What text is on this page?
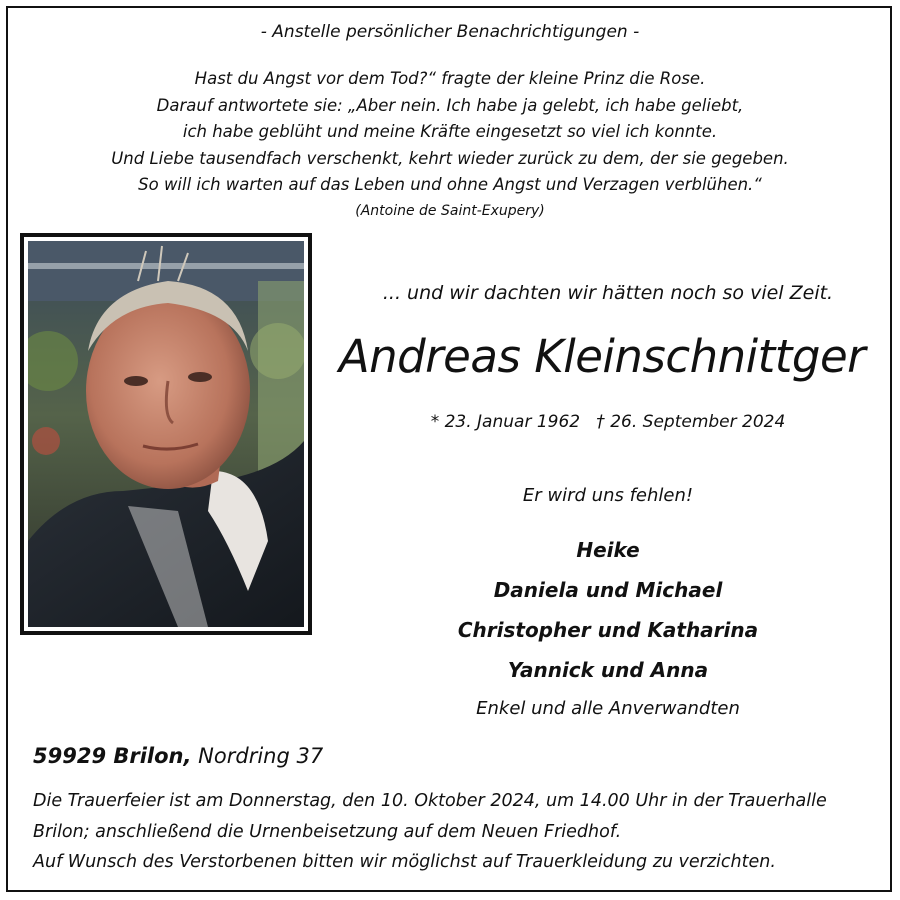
- Anstelle persönlicher Benachrichtigungen -
Hast du Angst vor dem Tod?“ fragte der kleine Prinz die Rose.
Darauf antwortete sie: „Aber nein. Ich habe ja gelebt, ich habe geliebt,
ich habe geblüht und meine Kräfte eingesetzt so viel ich konnte.
Und Liebe tausendfach verschenkt, kehrt wieder zurück zu dem, der sie gegeben.
So will ich warten auf das Leben und ohne Angst und Verzagen verblühen.“
(Antoine de Saint-Exupery)
... und wir dachten wir hätten noch so viel Zeit.
Andreas Kleinschnittger
* 23. Januar 1962   † 26. September 2024
Er wird uns fehlen!
Heike
Daniela und Michael
Christopher und Katharina
Yannick und Anna
Enkel und alle Anverwandten
59929 Brilon, Nordring 37
Die Trauerfeier ist am Donnerstag, den 10. Oktober 2024, um 14.00 Uhr in der Trauerhalle Brilon; anschließend die Urnenbeisetzung auf dem Neuen Friedhof.
Auf Wunsch des Verstorbenen bitten wir möglichst auf Trauerkleidung zu verzichten.
